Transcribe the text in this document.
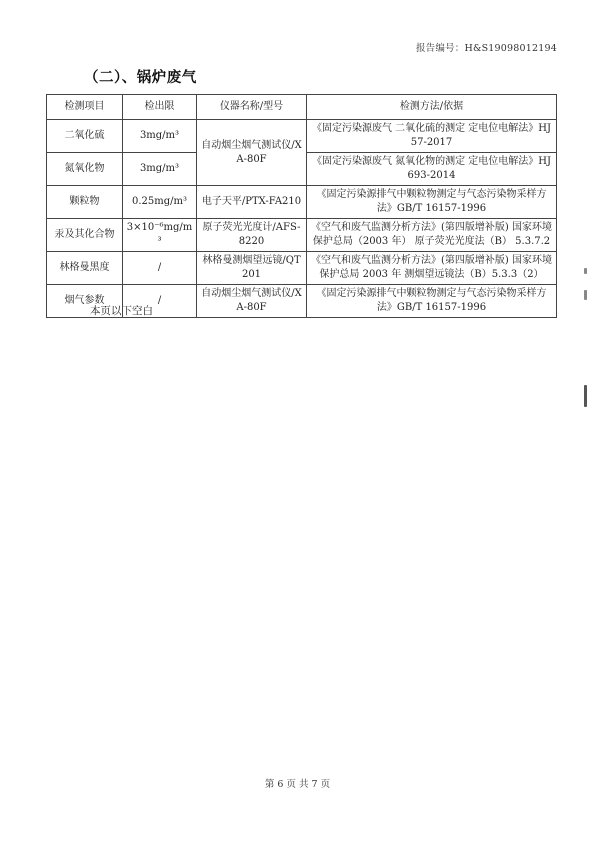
报告编号：H&S19098012194
（二）、锅炉废气
检测项目	检出限	仪器名称/型号	检测方法/依据
二氧化硫	3mg/m³	自动烟尘烟气测试仪/XA-80F	《固定污染源废气 二氧化硫的测定 定电位电解法》HJ 57-2017
氮氧化物	3mg/m³		《固定污染源废气 氮氧化物的测定 定电位电解法》HJ 693-2014
颗粒物	0.25mg/m³	电子天平/PTX-FA210	《固定污染源排气中颗粒物测定与气态污染物采样方法》GB/T 16157-1996
汞及其化合物	3×10⁻⁶mg/m³	原子荧光光度计/AFS-8220	《空气和废气监测分析方法》(第四版增补版) 国家环境保护总局（2003 年） 原子荧光光度法（B） 5.3.7.2
林格曼黑度	/	林格曼测烟望远镜/QT201	《空气和废气监测分析方法》(第四版增补版) 国家环境保护总局 2003 年 测烟望远镜法（B）5.3.3（2）
烟气参数	/	自动烟尘烟气测试仪/XA-80F	《固定污染源排气中颗粒物测定与气态污染物采样方法》GB/T 16157-1996
本页以下空白
第 6 页 共 7 页
